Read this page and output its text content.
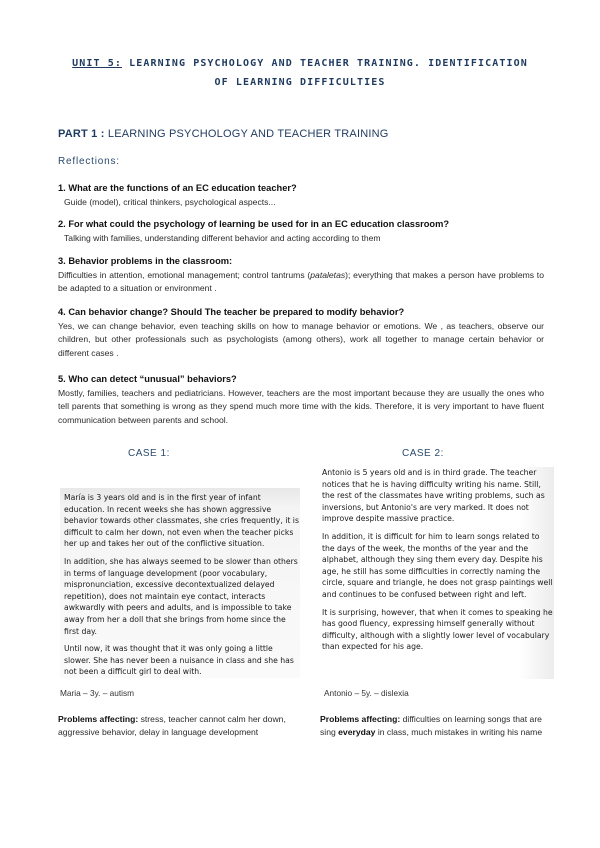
UNIT 5: LEARNING PSYCHOLOGY AND TEACHER TRAINING. IDENTIFICATION
OF LEARNING DIFFICULTIES
PART 1 : LEARNING PSYCHOLOGY AND TEACHER TRAINING
Reflections:
1. What are the functions of an EC education teacher?
Guide (model), critical thinkers, psychological aspects...
2. For what could the psychology of learning be used for in an EC education classroom?
Talking with families, understanding different behavior and acting according to them
3. Behavior problems in the classroom:
Difficulties in attention, emotional management; control tantrums (pataletas); everything that makes a person have problems to be adapted to a situation or environment .
4. Can behavior change? Should The teacher be prepared to modify behavior?
Yes, we can change behavior, even teaching skills on how to manage behavior or emotions. We , as teachers, observe our children, but other professionals such as psychologists (among others), work all together to manage certain behavior or different cases .
5. Who can detect “unusual” behaviors?
Mostly, families, teachers and pediatricians. However, teachers are the most important because they are usually the ones who tell parents that something is wrong as they spend much more time with the kids. Therefore, it is very important to have fluent communication between parents and school.
CASE 1:

María is 3 years old and is in the first year of infant education. In recent weeks she has shown aggressive behavior towards other classmates, she cries frequently, it is difficult to calm her down, not even when the teacher picks her up and takes her out of the conflictive situation.

In addition, she has always seemed to be slower than others in terms of language development (poor vocabulary, mispronunciation, excessive decontextualized delayed repetition), does not maintain eye contact, interacts awkwardly with peers and adults, and is impossible to take away from her a doll that she brings from home since the first day.

Until now, it was thought that it was only going a little slower. She has never been a nuisance in class and she has not been a difficult girl to deal with.

Maria – 3y. – autism
Problems affecting: stress, teacher cannot calm her down, aggressive behavior, delay in language development
CASE 2:

Antonio is 5 years old and is in third grade. The teacher notices that he is having difficulty writing his name. Still, the rest of the classmates have writing problems, such as inversions, but Antonio's are very marked. It does not improve despite massive practice.

In addition, it is difficult for him to learn songs related to the days of the week, the months of the year and the alphabet, although they sing them every day. Despite his age, he still has some difficulties in correctly naming the circle, square and triangle, he does not grasp paintings well and continues to be confused between right and left.

It is surprising, however, that when it comes to speaking he has good fluency, expressing himself generally without difficulty, although with a slightly lower level of vocabulary than expected for his age.

Antonio – 5y. – dislexia
Problems affecting: difficulties on learning songs that are sing everyday in class, much mistakes in writing his name
